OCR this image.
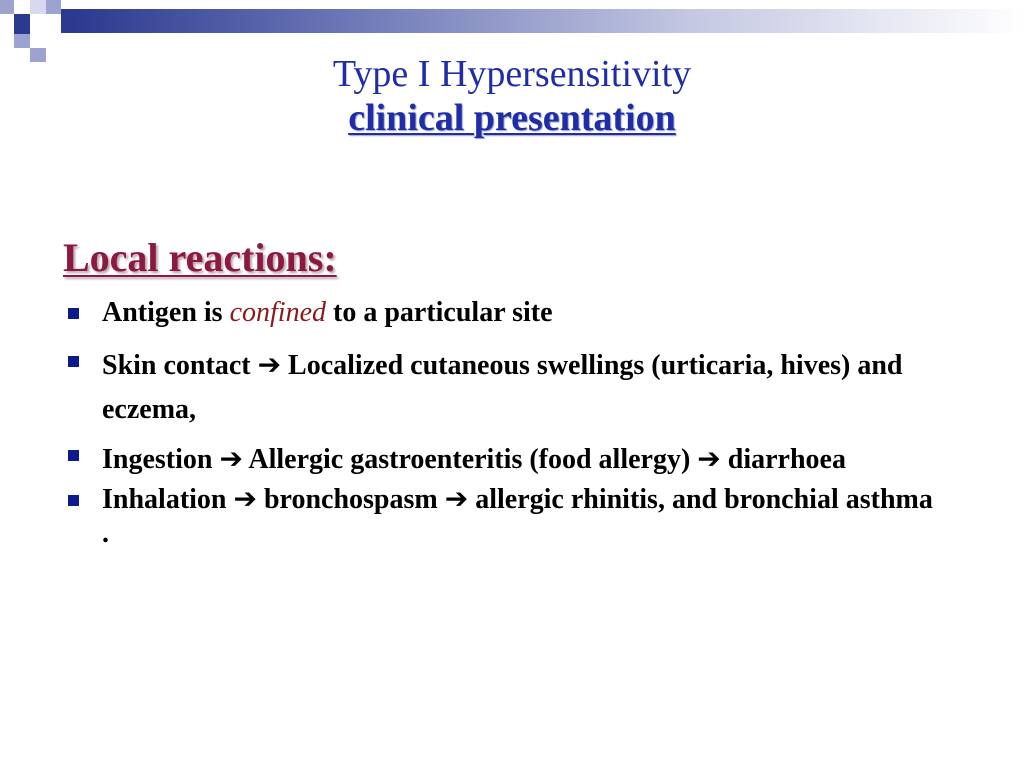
Type I Hypersensitivity
clinical presentation
Local reactions:
Antigen is confined to a particular site
Skin contact ➔ Localized cutaneous swellings (urticaria, hives) and eczema,
Ingestion ➔ Allergic gastroenteritis (food allergy) ➔ diarrhoea
Inhalation ➔ bronchospasm ➔ allergic rhinitis, and bronchial asthma .
